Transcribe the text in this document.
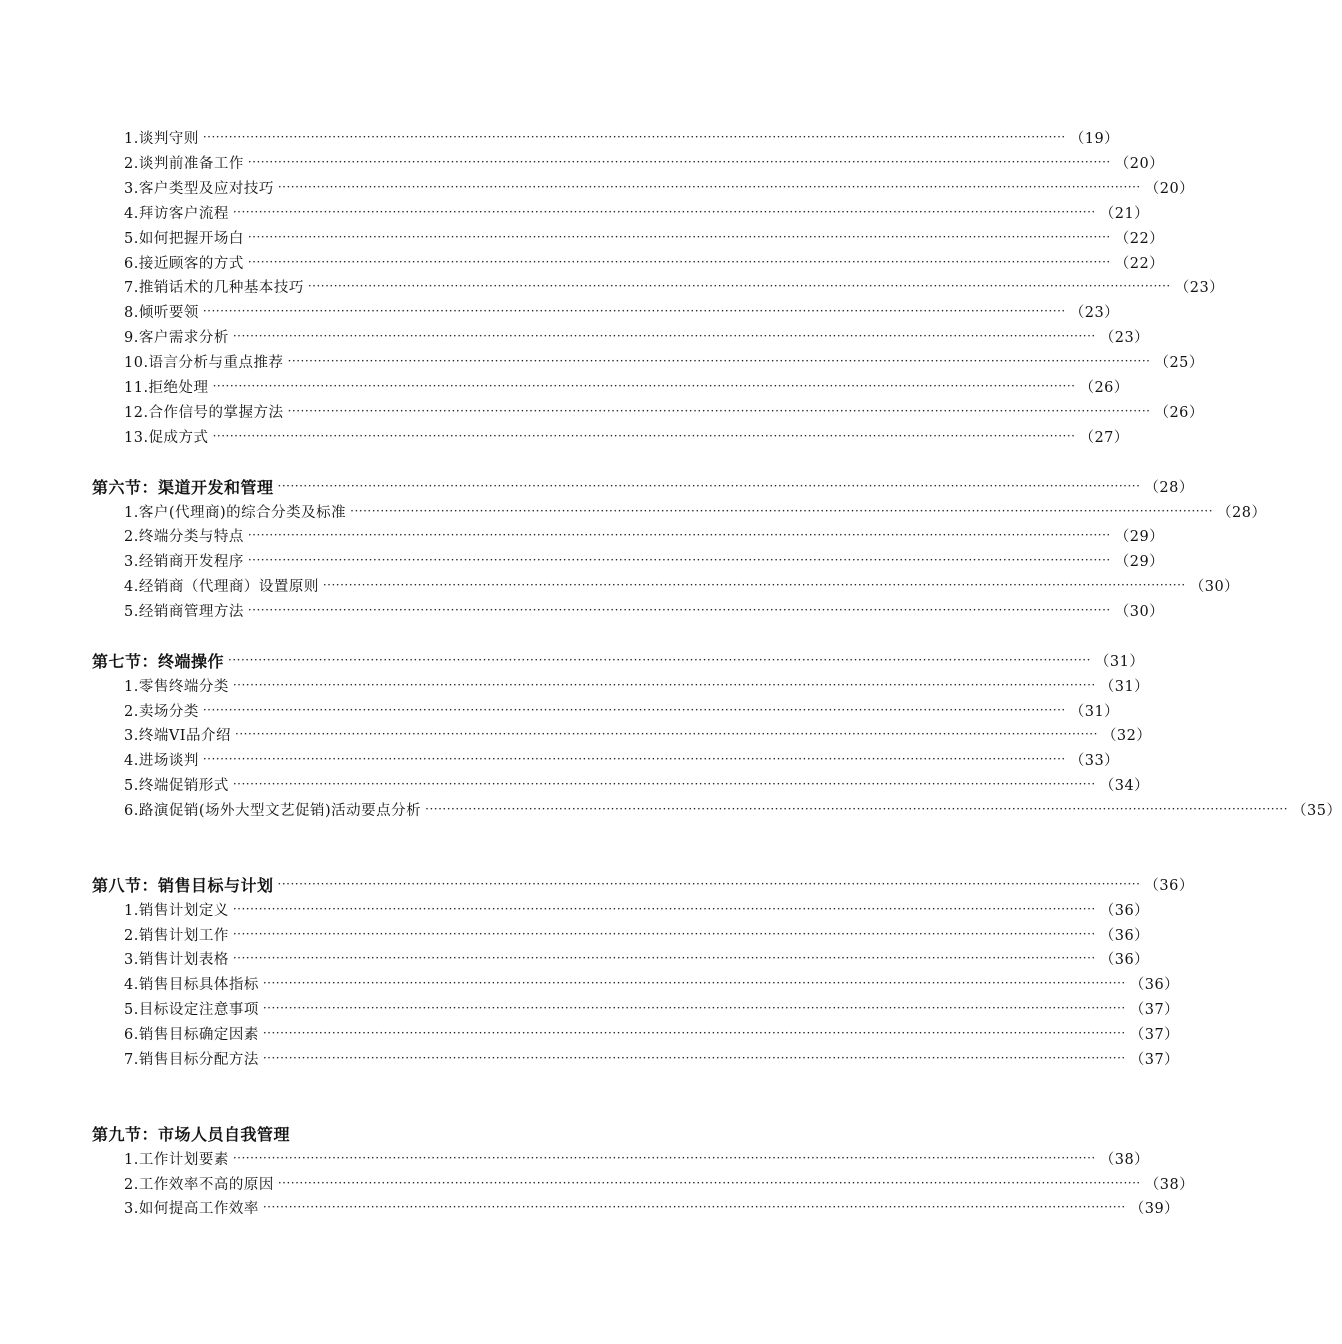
1.谈判守则 ········································································································································································································ （19）
2.谈判前准备工作 ········································································································································································································ （20）
3.客户类型及应对技巧 ········································································································································································································ （20）
4.拜访客户流程 ········································································································································································································ （21）
5.如何把握开场白 ········································································································································································································ （22）
6.接近顾客的方式 ········································································································································································································ （22）
7.推销话术的几种基本技巧 ········································································································································································································ （23）
8.倾听要领 ········································································································································································································ （23）
9.客户需求分析 ········································································································································································································ （23）
10.语言分析与重点推荐 ········································································································································································································ （25）
11.拒绝处理 ········································································································································································································ （26）
12.合作信号的掌握方法 ········································································································································································································ （26）
13.促成方式 ········································································································································································································ （27）
第六节：渠道开发和管理 ········································································································································································································ （28）
1.客户(代理商)的综合分类及标准 ········································································································································································································ （28）
2.终端分类与特点 ········································································································································································································ （29）
3.经销商开发程序 ········································································································································································································ （29）
4.经销商（代理商）设置原则 ········································································································································································································ （30）
5.经销商管理方法 ········································································································································································································ （30）
第七节：终端操作 ········································································································································································································ （31）
1.零售终端分类 ········································································································································································································ （31）
2.卖场分类 ········································································································································································································ （31）
3.终端VI品介绍 ········································································································································································································ （32）
4.进场谈判 ········································································································································································································ （33）
5.终端促销形式 ········································································································································································································ （34）
6.路演促销(场外大型文艺促销)活动要点分析 ········································································································································································································ （35）
第八节：销售目标与计划 ········································································································································································································ （36）
1.销售计划定义 ········································································································································································································ （36）
2.销售计划工作 ········································································································································································································ （36）
3.销售计划表格 ········································································································································································································ （36）
4.销售目标具体指标 ········································································································································································································ （36）
5.目标设定注意事项 ········································································································································································································ （37）
6.销售目标确定因素 ········································································································································································································ （37）
7.销售目标分配方法 ········································································································································································································ （37）
第九节：市场人员自我管理
1.工作计划要素 ········································································································································································································ （38）
2.工作效率不高的原因 ········································································································································································································ （38）
3.如何提高工作效率 ········································································································································································································ （39）
